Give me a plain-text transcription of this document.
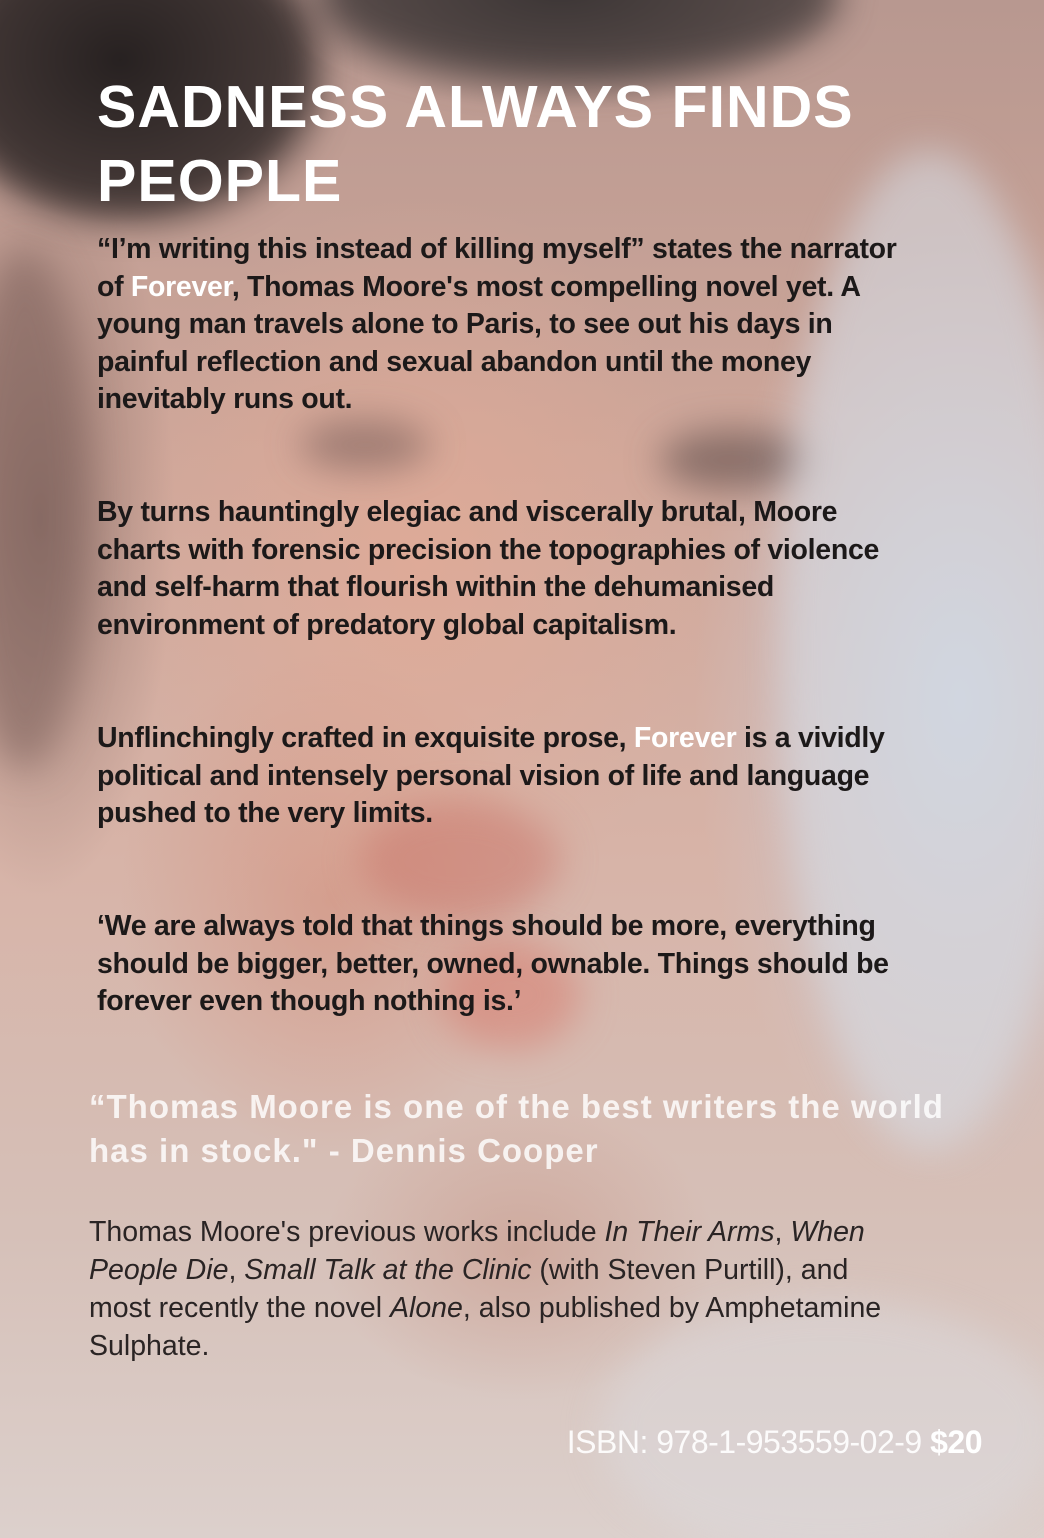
SADNESS ALWAYS FINDS PEOPLE

“I’m writing this instead of killing myself” states the narrator of Forever, Thomas Moore's most compelling novel yet. A young man travels alone to Paris, to see out his days in painful reflection and sexual abandon until the money inevitably runs out.

By turns hauntingly elegiac and viscerally brutal, Moore charts with forensic precision the topographies of violence and self-harm that flourish within the dehumanised environment of predatory global capitalism.

Unflinchingly crafted in exquisite prose, Forever is a vividly political and intensely personal vision of life and language pushed to the very limits.

‘We are always told that things should be more, everything should be bigger, better, owned, ownable. Things should be forever even though nothing is.’

“Thomas Moore is one of the best writers the world has in stock." - Dennis Cooper

Thomas Moore's previous works include In Their Arms, When People Die, Small Talk at the Clinic (with Steven Purtill), and most recently the novel Alone, also published by Amphetamine Sulphate.

ISBN: 978-1-953559-02-9 $20
